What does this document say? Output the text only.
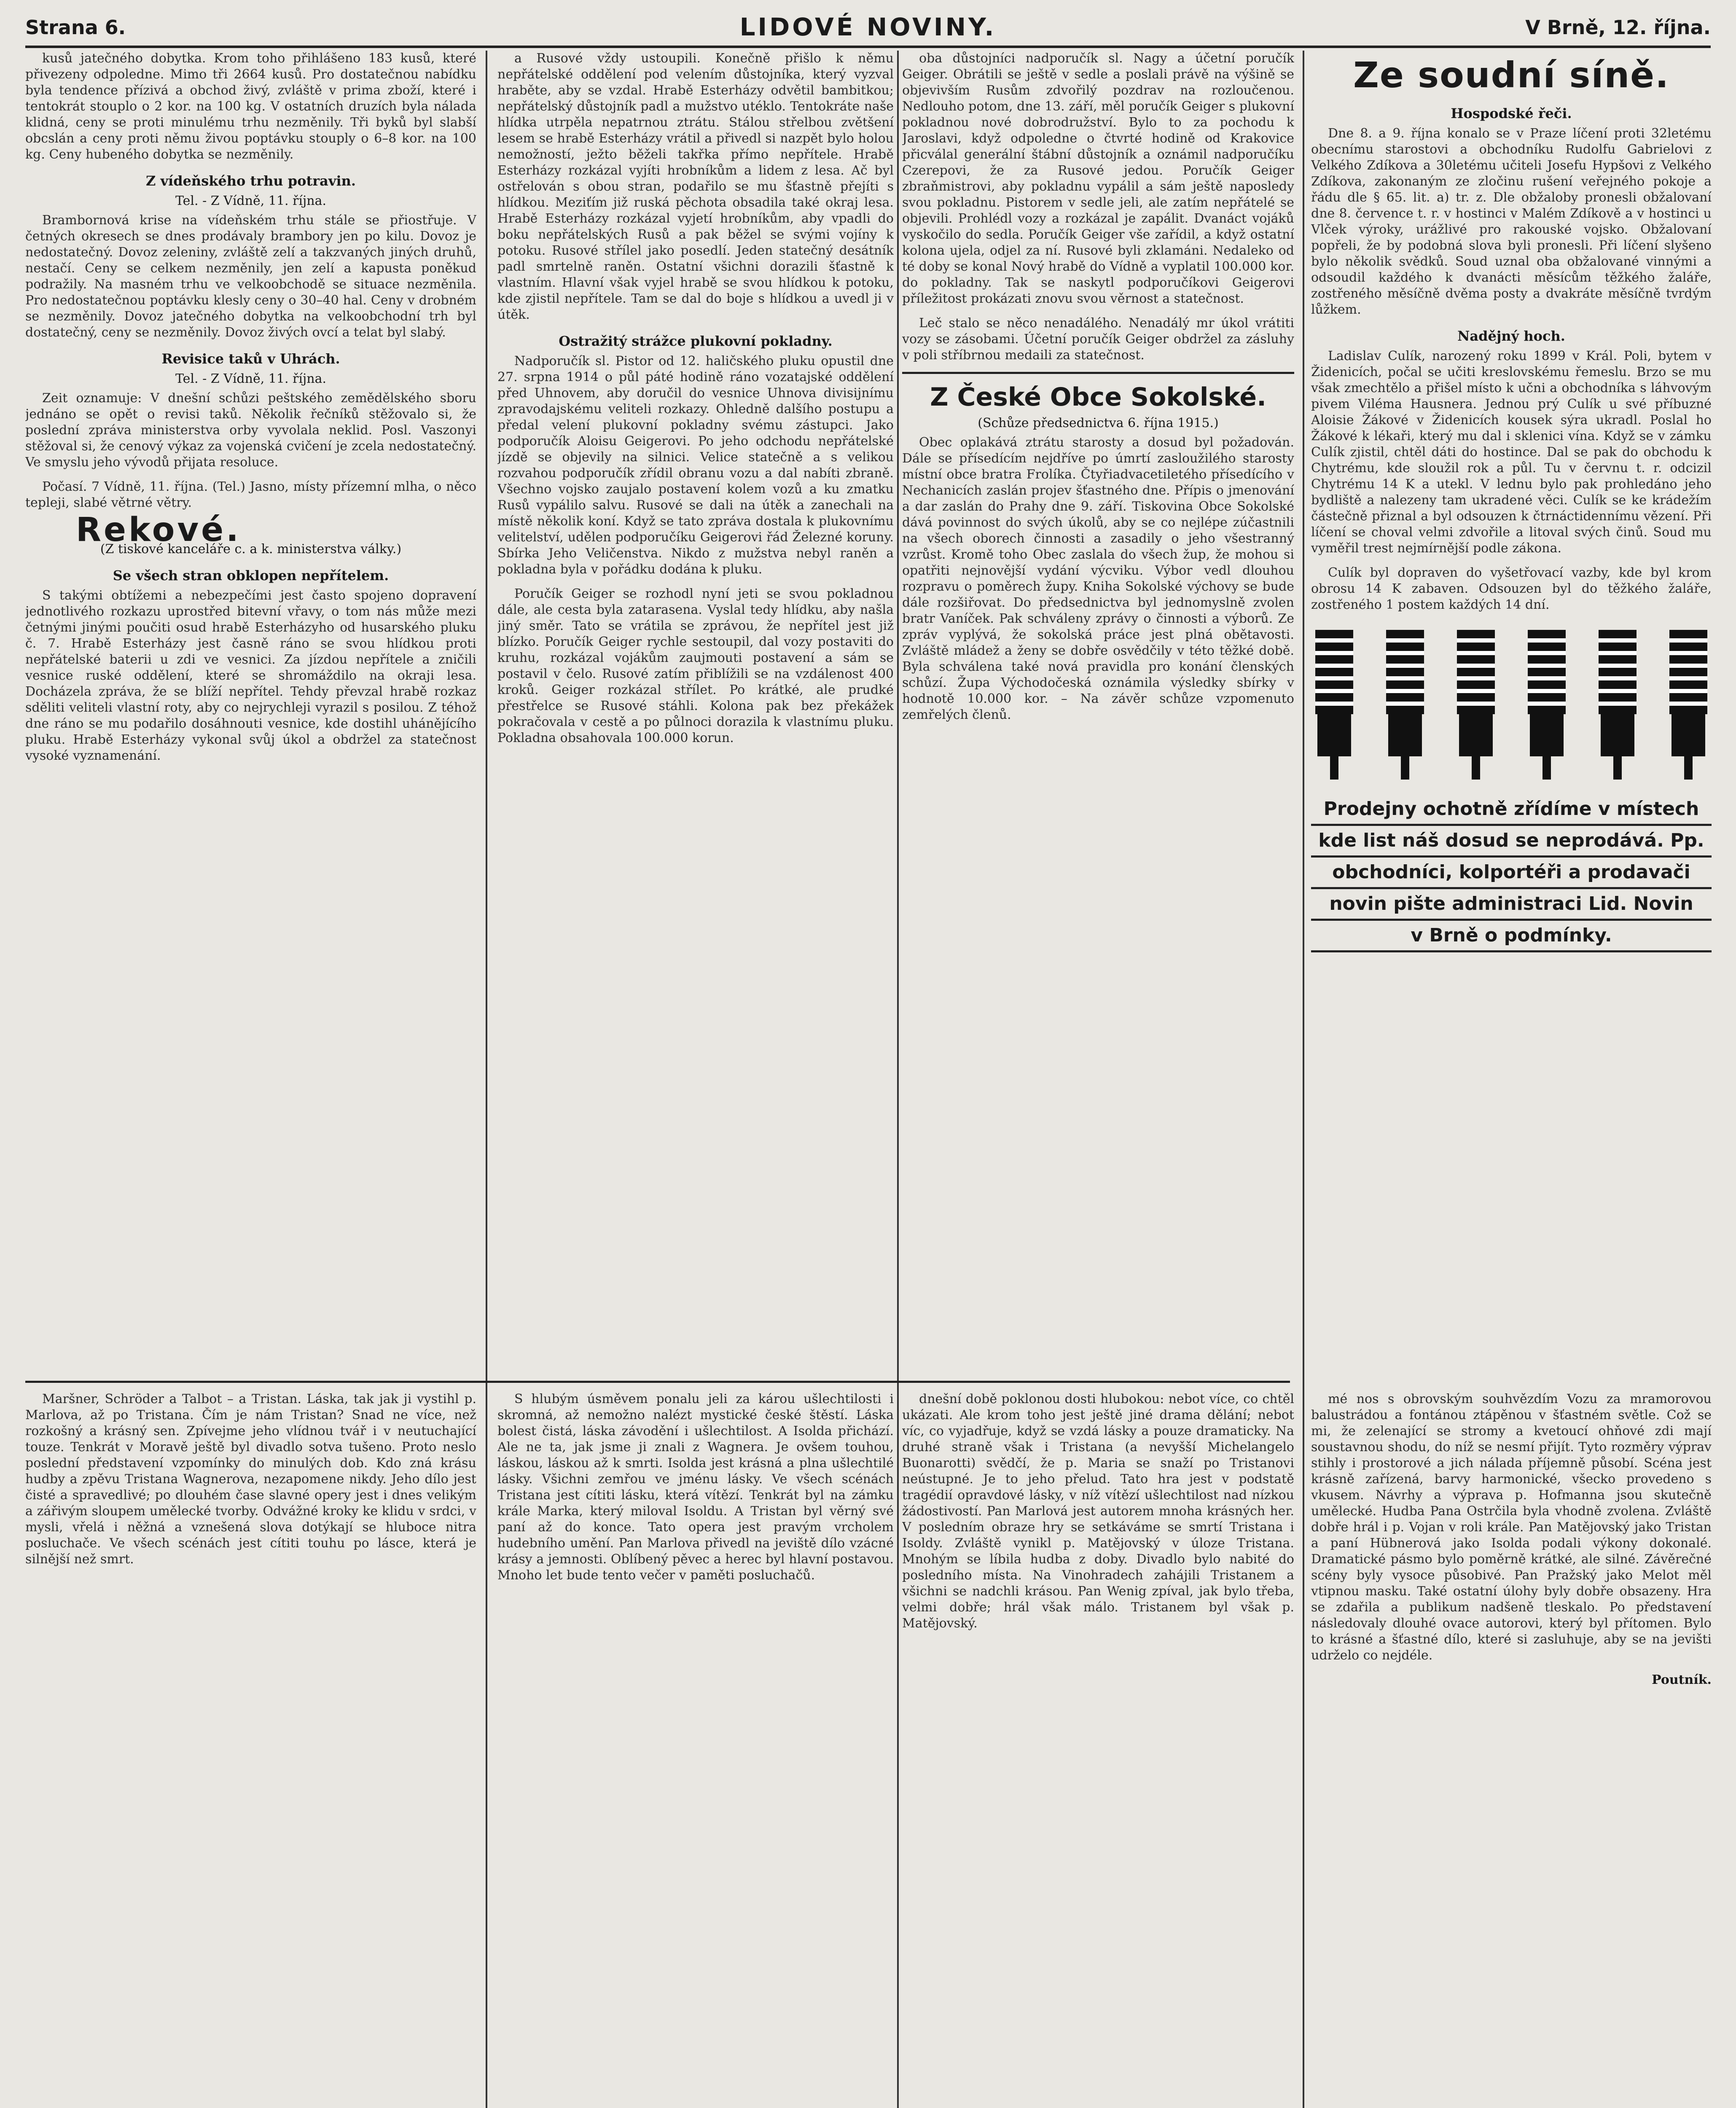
Strana 6.	LIDOVÉ NOVINY.	V Brně, 12. října.

kusů jatečného dobytka. Krom toho přihlášeno 183 kusů, které přivezeny odpoledne. Mimo tři 2664 kusů. Pro dostatečnou nabídku byla tendence přízivá a obchod živý, zvláště v prima zboží, které i tentokrát stouplo o 2 kor. na 100 kg. V ostatních druzích byla nálada klidná, ceny se proti minulému trhu nezměnily. Tři byků byl slabší obcslán a ceny proti němu živou poptávku stouply o 6–8 kor. na 100 kg. Ceny hubeného dobytka se nezměnily.

Z vídeňského trhu potravin.
Tel. - Z Vídně, 11. října.

Brambornová krise na vídeňském trhu stále se přiostřuje. V četných okresech se dnes prodávaly brambory jen po kilu. Dovoz je nedostatečný. Dovoz zeleniny, zvláště zelí a takzvaných jiných druhů, nestačí. Ceny se celkem nezměnily, jen zelí a kapusta poněkud podražily. Na masném trhu ve velkoobchodě se situace nezměnila. Pro nedostatečnou poptávku klesly ceny o 30–40 hal. Ceny v drobném se nezměnily. Dovoz jatečného dobytka na velkoobchodní trh byl dostatečný, ceny se nezměnily. Dovoz živých ovcí a telat byl slabý.

Revisice taků v Uhrách.
Tel. - Z Vídně, 11. října.

Zeit oznamuje: V dnešní schůzi peštského zemědělského sboru jednáno se opět o revisi taků. Několik řečníků stěžovalo si, že poslední zpráva ministerstva orby vyvolala neklid. Posl. Vaszonyi stěžoval si, že cenový výkaz za vojenská cvičení je zcela nedostatečný. Ve smyslu jeho vývodů přijata resoluce.

Počasí. 7 Vídně, 11. října. (Tel.) Jasno, místy přízemní mlha, o něco tepleji, slabé větrné větry.

Rekové.
(Z tiskové kanceláře c. a k. ministerstva války.)
Se všech stran obklopen nepřítelem.

S takými obtížemi a nebezpečími jest často spojeno dopravení jednotlivého rozkazu uprostřed bitevní vřavy, o tom nás může mezi četnými jinými poučiti osud hrabě Esterházyho od husarského pluku č. 7. Hrabě Esterházy jest časně ráno se svou hlídkou proti nepřátelské baterii u zdi ve vesnici. Za jízdou nepřítele a zničili vesnice ruské oddělení, které se shromáždilo na okraji lesa. Docházela zpráva, že se blíží nepřítel. Tehdy převzal hrabě rozkaz sděliti veliteli vlastní roty, aby co nejrychleji vyrazil s posilou. Z téhož dne ráno se mu podařilo dosáhnouti vesnice, kde dostihl uhánějícího pluku. Hrabě Esterházy vykonal svůj úkol a obdržel za statečnost vysoké vyznamenání.

a Rusové vždy ustoupili. Konečně přišlo k němu nepřátelské oddělení pod velením důstojníka, který vyzval hraběte, aby se vzdal. Hrabě Esterházy odvětil bambitkou; nepřátelský důstojník padl a mužstvo utéklo. Tentokráte naše hlídka utrpěla nepatrnou ztrátu. Stálou střelbou zvětšení lesem se hrabě Esterházy vrátil a přivedl si nazpět bylo holou nemožností, ježto běželi takřka přímo nepřítele. Hrabě Esterházy rozkázal vyjíti hrobníkům a lidem z lesa. Ač byl ostřelován s obou stran, podařilo se mu šťastně přejíti s hlídkou. Meziťím již ruská pěchota obsadila také okraj lesa. Hrabě Esterházy rozkázal vyjetí hrobníkům, aby vpadli do boku nepřátelských Rusů a pak běžel se svými vojíny k potoku. Rusové střílel jako posedlí. Jeden statečný desátník padl smrtelně raněn. Ostatní všichni dorazili šťastně k vlastním. Hlavní však vyjel hrabě se svou hlídkou k potoku, kde zjistil nepřítele. Tam se dal do boje s hlídkou a uvedl ji v útěk.

Ostražitý strážce plukovní pokladny.

Nadporučík sl. Pistor od 12. haličského pluku opustil dne 27. srpna 1914 o půl páté hodině ráno vozatajské oddělení před Uhnovem, aby doručil do vesnice Uhnova divisijnímu zpravodajskému veliteli rozkazy. Ohledně dalšího postupu a předal velení plukovní pokladny svému zástupci. Jako podporučík Aloisu Geigerovi. Po jeho odchodu nepřátelské jízdě se objevily na silnici. Velice statečně a s velikou rozvahou podporučík zřídil obranu vozu a dal nabíti zbraně. Všechno vojsko zaujalo postavení kolem vozů a ku zmatku Rusů vypálilo salvu. Rusové se dali na útěk a zanechali na místě několik koní. Když se tato zpráva dostala k plukovnímu velitelství, udělen podporučíku Geigerovi řád Železné koruny. Sbírka Jeho Veličenstva. Nikdo z mužstva nebyl raněn a pokladna byla v pořádku dodána k pluku.

Poručík Geiger se rozhodl nyní jeti se svou pokladnou dále, ale cesta byla zatarasena. Vyslal tedy hlídku, aby našla jiný směr. Tato se vrátila se zprávou, že nepřítel jest již blízko. Poručík Geiger rychle sestoupil, dal vozy postaviti do kruhu, rozkázal vojákům zaujmouti postavení a sám se postavil v čelo. Rusové zatím přiblížili se na vzdálenost 400 kroků. Geiger rozkázal střílet. Po krátké, ale prudké přestřelce se Rusové stáhli. Kolona pak bez překážek pokračovala v cestě a po půlnoci dorazila k vlastnímu pluku. Pokladna obsahovala 100.000 korun.

oba důstojníci nadporučík sl. Nagy a účetní poručík Geiger. Obrátili se ještě v sedle a poslali právě na výšině se objevivším Rusům zdvořilý pozdrav na rozloučenou. Nedlouho potom, dne 13. září, měl poručík Geiger s plukovní pokladnou nové dobrodružství. Bylo to za pochodu k Jaroslavi, když odpoledne o čtvrté hodině od Krakovice přicválal generální štábní důstojník a oznámil nadporučíku Czerepovi, že za Rusové jedou. Poručík Geiger zbraňmistrovi, aby pokladnu vypálil a sám ještě naposledy svou pokladnu. Pistorem v sedle jeli, ale zatím nepřátelé se objevili. Prohlédl vozy a rozkázal je zapálit. Dvanáct vojáků vyskočilo do sedla. Poručík Geiger vše zařídil, a když ostatní kolona ujela, odjel za ní. Rusové byli zklamáni. Nedaleko od té doby se konal Nový hrabě do Vídně a vyplatil 100.000 kor. do pokladny. Tak se naskytl podporučíkovi Geigerovi příležitost prokázati znovu svou věrnost a statečnost.

Leč stalo se něco nenadálého. Nenadálý mr úkol vrátiti vozy se zásobami. Účetní poručík Geiger obdržel za zásluhy v poli stříbrnou medaili za statečnost.

Z České Obce Sokolské.
(Schůze předsednictva 6. října 1915.)

Obec oplakává ztrátu starosty a dosud byl požadován. Dále se přísedícím nejdříve po úmrtí zasloužilého starosty místní obce bratra Frolíka. Čtyřiadvacetiletého přísedícího v Nechanicích zaslán projev šťastného dne. Přípis o jmenování a dar zaslán do Prahy dne 9. září. Tiskovina Obce Sokolské dává povinnost do svých úkolů, aby se co nejlépe zúčastnili na všech oborech činnosti a zasadily o jeho všestranný vzrůst. Kromě toho Obec zaslala do všech žup, že mohou si opatřiti nejnovější vydání výcviku. Výbor vedl dlouhou rozpravu o poměrech župy. Kniha Sokolské výchovy se bude dále rozšiřovat. Do předsednictva byl jednomyslně zvolen bratr Vaníček. Pak schváleny zprávy o činnosti a výborů. Ze zpráv vyplývá, že sokolská práce jest plná obětavosti. Zvláště mládež a ženy se dobře osvědčily v této těžké době. Byla schválena také nová pravidla pro konání členských schůzí. Župa Východočeská oznámila výsledky sbírky v hodnotě 10.000 kor. – Na závěr schůze vzpomenuto zemřelých členů.

Ze soudní síně.
Hospodské řeči.

Dne 8. a 9. října konalo se v Praze líčení proti 32letému obecnímu starostovi a obchodníku Rudolfu Gabrielovi z Velkého Zdíkova a 30letému učiteli Josefu Hypšovi z Velkého Zdíkova, zakonaným ze zločinu rušení veřejného pokoje a řádu dle § 65. lit. a) tr. z. Dle obžaloby pronesli obžalovaní dne 8. července t. r. v hostinci v Malém Zdíkově a v hostinci u Vlček výroky, urážlivé pro rakouské vojsko. Obžalovaní popřeli, že by podobná slova byli pronesli. Při líčení slyšeno bylo několik svědků. Soud uznal oba obžalované vinnými a odsoudil každého k dvanácti měsícům těžkého žaláře, zostřeného měsíčně dvěma posty a dvakráte měsíčně tvrdým lůžkem.

Nadějný hoch.

Ladislav Culík, narozený roku 1899 v Král. Poli, bytem v Židenicích, počal se učiti kreslovskému řemeslu. Brzo se mu však zmechtělo a přišel místo k učni a obchodníka s láhvovým pivem Viléma Hausnera. Jednou prý Culík u své příbuzné Aloisie Žákové v Židenicích kousek sýra ukradl. Poslal ho Žákové k lékaři, který mu dal i sklenici vína. Když se v zámku Culík zjistil, chtěl dáti do hostince. Dal se pak do obchodu k Chytrému, kde sloužil rok a půl. Tu v červnu t. r. odcizil Chytrému 14 K a utekl. V lednu bylo pak prohledáno jeho bydliště a nalezeny tam ukradené věci. Culík se ke krádežím částečně přiznal a byl odsouzen k čtrnáctidennímu vězení. Při líčení se choval velmi zdvořile a litoval svých činů. Soud mu vyměřil trest nejmírnější podle zákona.

Culík byl dopraven do vyšetřovací vazby, kde byl krom obrosu 14 K zabaven. Odsouzen byl do těžkého žaláře, zostřeného 1 postem každých 14 dní.

Prodejny ochotně zřídíme v místech
kde list náš dosud se neprodává. Pp.
obchodníci, kolportéři a prodavači
novin pište administraci Lid. Novin
v Brně o podmínky.

Maršner, Schröder a Talbot – a Tristan. Láska, tak jak ji vystihl p. Marlova, až po Tristana. Čím je nám Tristan? Snad ne více, než rozkošný a krásný sen. Zpívejme jeho vlídnou tvář i v neutuchající touze. Tenkrát v Moravě ještě byl divadlo sotva tušeno. Proto neslo poslední představení vzpomínky do minulých dob. Kdo zná krásu hudby a zpěvu Tristana Wagnerova, nezapomene nikdy. Jeho dílo jest čisté a spravedlivé; po dlouhém čase slavné opery jest i dnes velikým a zářivým sloupem umělecké tvorby. Odvážné kroky ke klidu v srdci, v mysli, vřelá i něžná a vznešená slova dotýkají se hluboce nitra posluchače. Ve všech scénách jest cítiti touhu po lásce, která je silnější než smrt.

S hlubým úsměvem ponalu jeli za károu ušlechtilosti i skromná, až nemožno nalézt mystické české štěstí. Láska bolest čistá, láska závodění i ušlechtilost. A Isolda přichází. Ale ne ta, jak jsme ji znali z Wagnera. Je ovšem touhou, láskou, láskou až k smrti. Isolda jest krásná a plna ušlechtilé lásky. Všichni zemřou ve jménu lásky. Ve všech scénách Tristana jest cítiti lásku, která vítězí. Tenkrát byl na zámku krále Marka, který miloval Isoldu. A Tristan byl věrný své paní až do konce. Tato opera jest pravým vrcholem hudebního umění. Pan Marlova přivedl na jeviště dílo vzácné krásy a jemnosti. Oblíbený pěvec a herec byl hlavní postavou. Mnoho let bude tento večer v paměti posluchačů.

dnešní době poklonou dosti hlubokou: nebot více, co chtěl ukázati. Ale krom toho jest ještě jiné drama dělání; nebot víc, co vyjadřuje, když se vzdá lásky a pouze dramaticky. Na druhé straně však i Tristana (a nevyšší Michelangelo Buonarotti) svědčí, že p. Maria se snaží po Tristanovi neústupné. Je to jeho přelud. Tato hra jest v podstatě tragédií opravdové lásky, v níž vítězí ušlechtilost nad nízkou žádostivostí. Pan Marlová jest autorem mnoha krásných her. V posledním obraze hry se setkáváme se smrtí Tristana i Isoldy. Zvláště vynikl p. Matějovský v úloze Tristana. Mnohým se líbila hudba z doby. Divadlo bylo nabité do posledního místa. Na Vinohradech zahájili Tristanem a všichni se nadchli krásou. Pan Wenig zpíval, jak bylo třeba, velmi dobře; hrál však málo. Tristanem byl však p. Matějovský.

mé nos s obrovským souhvězdím Vozu za mramorovou balustrádou a fontánou ztápěnou v šťastném světle. Což se mi, že zelenající se stromy a kvetoucí ohňové zdi mají soustavnou shodu, do níž se nesmí přijít. Tyto rozměry výprav stihly i prostorové a jich nálada příjemně působí. Scéna jest krásně zařízená, barvy harmonické, všecko provedeno s vkusem. Návrhy a výprava p. Hofmanna jsou skutečně umělecké. Hudba Pana Ostrčila byla vhodně zvolena. Zvláště dobře hrál i p. Vojan v roli krále. Pan Matějovský jako Tristan a paní Hübnerová jako Isolda podali výkony dokonalé. Dramatické pásmo bylo poměrně krátké, ale silné. Závěrečné scény byly vysoce působivé. Pan Pražský jako Melot měl vtipnou masku. Také ostatní úlohy byly dobře obsazeny. Hra se zdařila a publikum nadšeně tleskalo. Po představení následovaly dlouhé ovace autorovi, který byl přítomen. Bylo to krásné a šťastné dílo, které si zasluhuje, aby se na jevišti udrželo co nejdéle.

Poutník.
